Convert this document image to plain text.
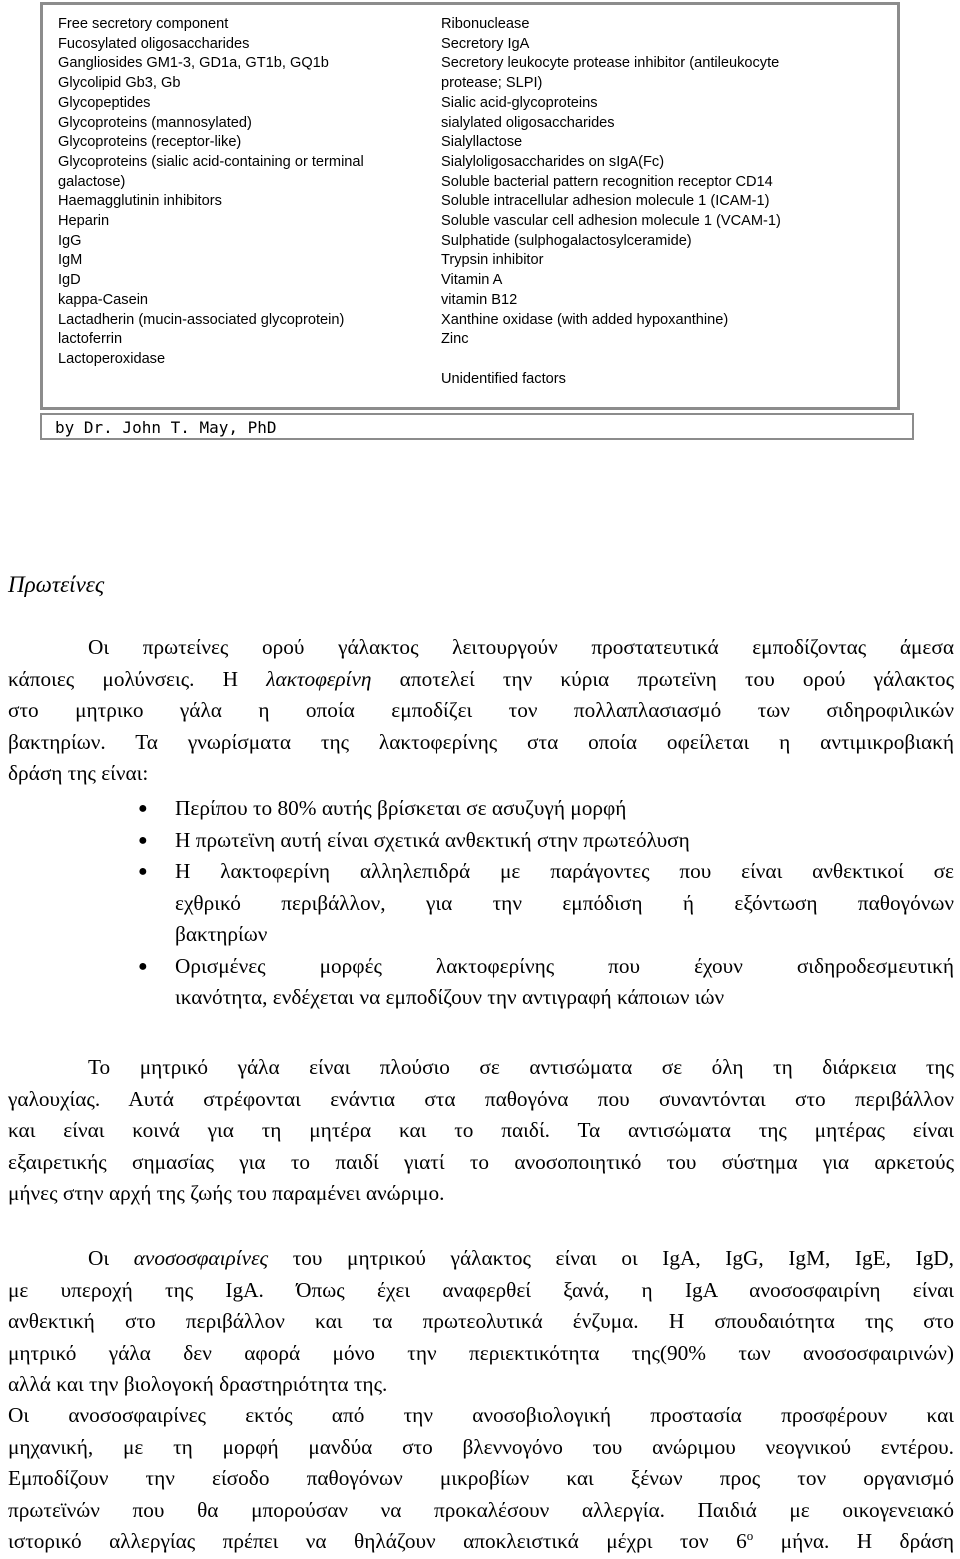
Free secretory component
Fucosylated oligosaccharides
Gangliosides GM1-3, GD1a, GT1b, GQ1b
Glycolipid Gb3, Gb
Glycopeptides
Glycoproteins (mannosylated)
Glycoproteins (receptor-like)
Glycoproteins (sialic acid-containing or terminal
galactose)
Haemagglutinin inhibitors
Heparin
IgG
IgM
IgD
kappa-Casein
Lactadherin (mucin-associated glycoprotein)
lactoferrin
Lactoperoxidase
Ribonuclease
Secretory IgA
Secretory leukocyte protease inhibitor (antileukocyte
protease; SLPI)
Sialic acid-glycoproteins
sialylated oligosaccharides
Sialyllactose
Sialyloligosaccharides on sIgA(Fc)
Soluble bacterial pattern recognition receptor CD14
Soluble intracellular adhesion molecule 1 (ICAM-1)
Soluble vascular cell adhesion molecule 1 (VCAM-1)
Sulphatide (sulphogalactosylceramide)
Trypsin inhibitor
Vitamin A
vitamin B12
Xanthine oxidase (with added hypoxanthine)
Zinc
Unidentified factors
by Dr. John T. May, PhD
Πρωτείνες
Οι πρωτείνες ορού γάλακτος λειτουργούν προστατευτικά εμποδίζοντας άμεσα
κάποιες μολύνσεις. Η λακτοφερίνη αποτελεί την κύρια πρωτεϊνη του ορού γάλακτος
στο μητρικο γάλα η οποία εμποδίζει τον πολλαπλασιασμό των σιδηροφιλικών
βακτηρίων. Τα γνωρίσματα της λακτοφερίνης στα οποία οφείλεται η αντιμικροβιακή
δράση της είναι:
● Περίπου το 80% αυτής βρίσκεται σε ασυζυγή μορφή
● Η πρωτεϊνη αυτή είναι σχετικά ανθεκτική στην πρωτεόλυση
● Η λακτοφερίνη αλληλεπιδρά με παράγοντες που είναι ανθεκτικοί σε
εχθρικό περιβάλλον, για την εμπόδιση ή εξόντωση παθογόνων
βακτηρίων
● Ορισμένες μορφές λακτοφερίνης που έχουν σιδηροδεσμευτική
ικανότητα, ενδέχεται να εμποδίζουν την αντιγραφή κάποιων ιών
Το μητρικό γάλα είναι πλούσιο σε αντισώματα σε όλη τη διάρκεια της
γαλουχίας. Αυτά στρέφονται ενάντια στα παθογόνα που συναντόνται στο περιβάλλον
και είναι κοινά για τη μητέρα και το παιδί. Τα αντισώματα της μητέρας είναι
εξαιρετικής σημασίας για το παιδί γιατί το ανοσοποιητικό του σύστημα για αρκετούς
μήνες στην αρχή της ζωής του παραμένει ανώριμο.
Οι ανοσοσφαιρίνες του μητρικού γάλακτος είναι οι IgA, IgG, IgM, IgE, IgD,
με υπεροχή της IgA. Όπως έχει αναφερθεί ξανά, η IgA ανοσοσφαιρίνη είναι
ανθεκτική στο περιβάλλον και τα πρωτεολυτικά ένζυμα. Η σπουδαιότητα της στο
μητρικό γάλα δεν αφορά μόνο την περιεκτικότητα της(90% των ανοσοσφαιρινών)
αλλά και την βιολογοκή δραστηριότητα της.
Οι ανοσοσφαιρίνες εκτός από την ανοσοβιολογική προστασία προσφέρουν και
μηχανική, με τη μορφή μανδύα στο βλεννογόνο του ανώριμου νεογνικού εντέρου.
Εμποδίζουν την είσοδο παθογόνων μικροβίων και ξένων προς τον οργανισμό
πρωτεϊνών που θα μπορούσαν να προκαλέσουν αλλεργία. Παιδιά με οικογενειακό
ιστορικό αλλεργίας πρέπει να θηλάζουν αποκλειστικά μέχρι τον $6^o$ μήνα. Η δράση
